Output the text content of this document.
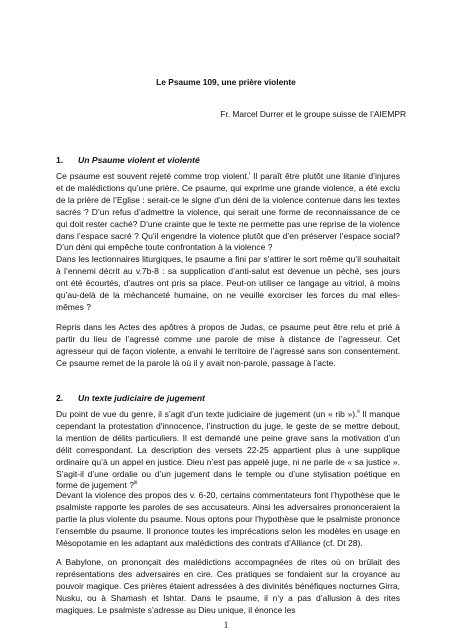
Le Psaume 109, une prière violente
Fr. Marcel Durrer et le groupe suisse de l’AIEMPR
1. Un Psaume violent et violenté

Ce psaume est souvent rejeté comme trop violent.$^i$ Il paraît être plutôt une litanie d’injures et de malédictions qu’une prière. Ce psaume, qui exprime une grande violence, a été exclu de la prière de l’Eglise : serait-ce le signe d’un déni de la violence contenue dans les textes sacrés ? D’un refus d’admettre la violence, qui serait une forme de reconnaissance de ce qui doit rester caché? D’une crainte que le texte ne permette pas une reprise de la violence dans l’espace sacré ? Qu’il engendre la violence plutôt que d’en préserver l’espace social? D’un déni qui empêche toute confrontation à la violence ?

Dans les lectionnaires liturgiques, le psaume a fini par s’attirer le sort même qu’il souhaitait à l’ennemi décrit au v.7b-8 : sa supplication d’anti-salut est devenue un péché, ses jours ont été écourtés, d’autres ont pris sa place. Peut-on utiliser ce langage au vitriol, à moins qu’au-delà de la méchanceté humaine, on ne veuille exorciser les forces du mal elles-mêmes ?

Repris dans les Actes des apôtres à propos de Judas, ce psaume peut être relu et prié à partir du lieu de l’agressé comme une parole de mise à distance de l’agresseur. Cet agresseur qui de façon violente, a envahi le territoire de l’agressé sans son consentement. Ce psaume remet de la parole là où il y avait non-parole, passage à l’acte.

2. Un texte judiciaire de jugement

Du point de vue du genre, il s’agit d’un texte judiciaire de jugement (un « rib »).$^{ii}$ Il manque cependant la protestation d'innocence, l’instruction du juge, le geste de se mettre debout, la mention de délits particuliers. Il est demandé une peine grave sans la motivation d’un délit correspondant. La description des versets 22-25 appartient plus à une supplique ordinaire qu’à un appel en justice. Dieu n’est pas appelé juge, ni ne parle de « sa justice ». S’agit-il d’une ordalie ou d’un jugement dans le temple ou d’une stylisation poétique en forme de jugement ?$^{iii}$

Devant la violence des propos des v. 6-20, certains commentateurs font l’hypothèse que le psalmiste rapporte les paroles de ses accusateurs. Ainsi les adversaires prononceraient la partie la plus violente du psaume. Nous optons pour l’hypothèse que le psalmiste prononce l’ensemble du psaume. Il prononce toutes les imprécations selon les modèles en usage en Mésopotamie en les adaptant aux malédictions des contrats d’Alliance (cf. Dt 28).

A Babylone, on prononçait des malédictions accompagnées de rites où on brûlait des représentations des adversaires en cire. Ces pratiques se fondaient sur la croyance au pouvoir magique. Ces prières étaient adressées à des divinités bénéfiques nocturnes Girra, Nusku, ou à Shamash et Ishtar. Dans le psaume, il n’y a pas d’allusion à des rites magiques. Le psalmiste s’adresse au Dieu unique, il énonce les

1
